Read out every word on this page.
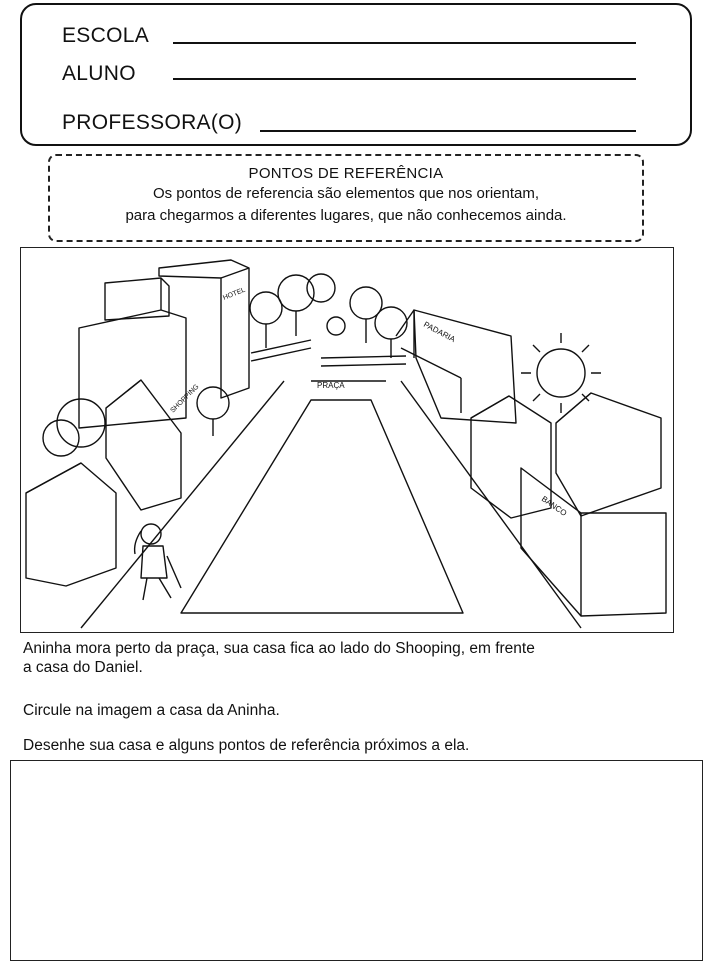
ESCOLA
ALUNO
PROFESSORA(O)
PONTOS DE REFERÊNCIA
Os pontos de referencia são elementos que nos orientam,
para chegarmos a diferentes lugares, que não conhecemos ainda.
PRAÇA
HOTEL
SHOPPING
PADARIA
BANCO
Aninha mora perto da praça, sua casa fica ao lado do Shooping, em frente
a casa do Daniel.
Circule na imagem a casa da Aninha.
Desenhe sua casa e alguns pontos de referência próximos a ela.
